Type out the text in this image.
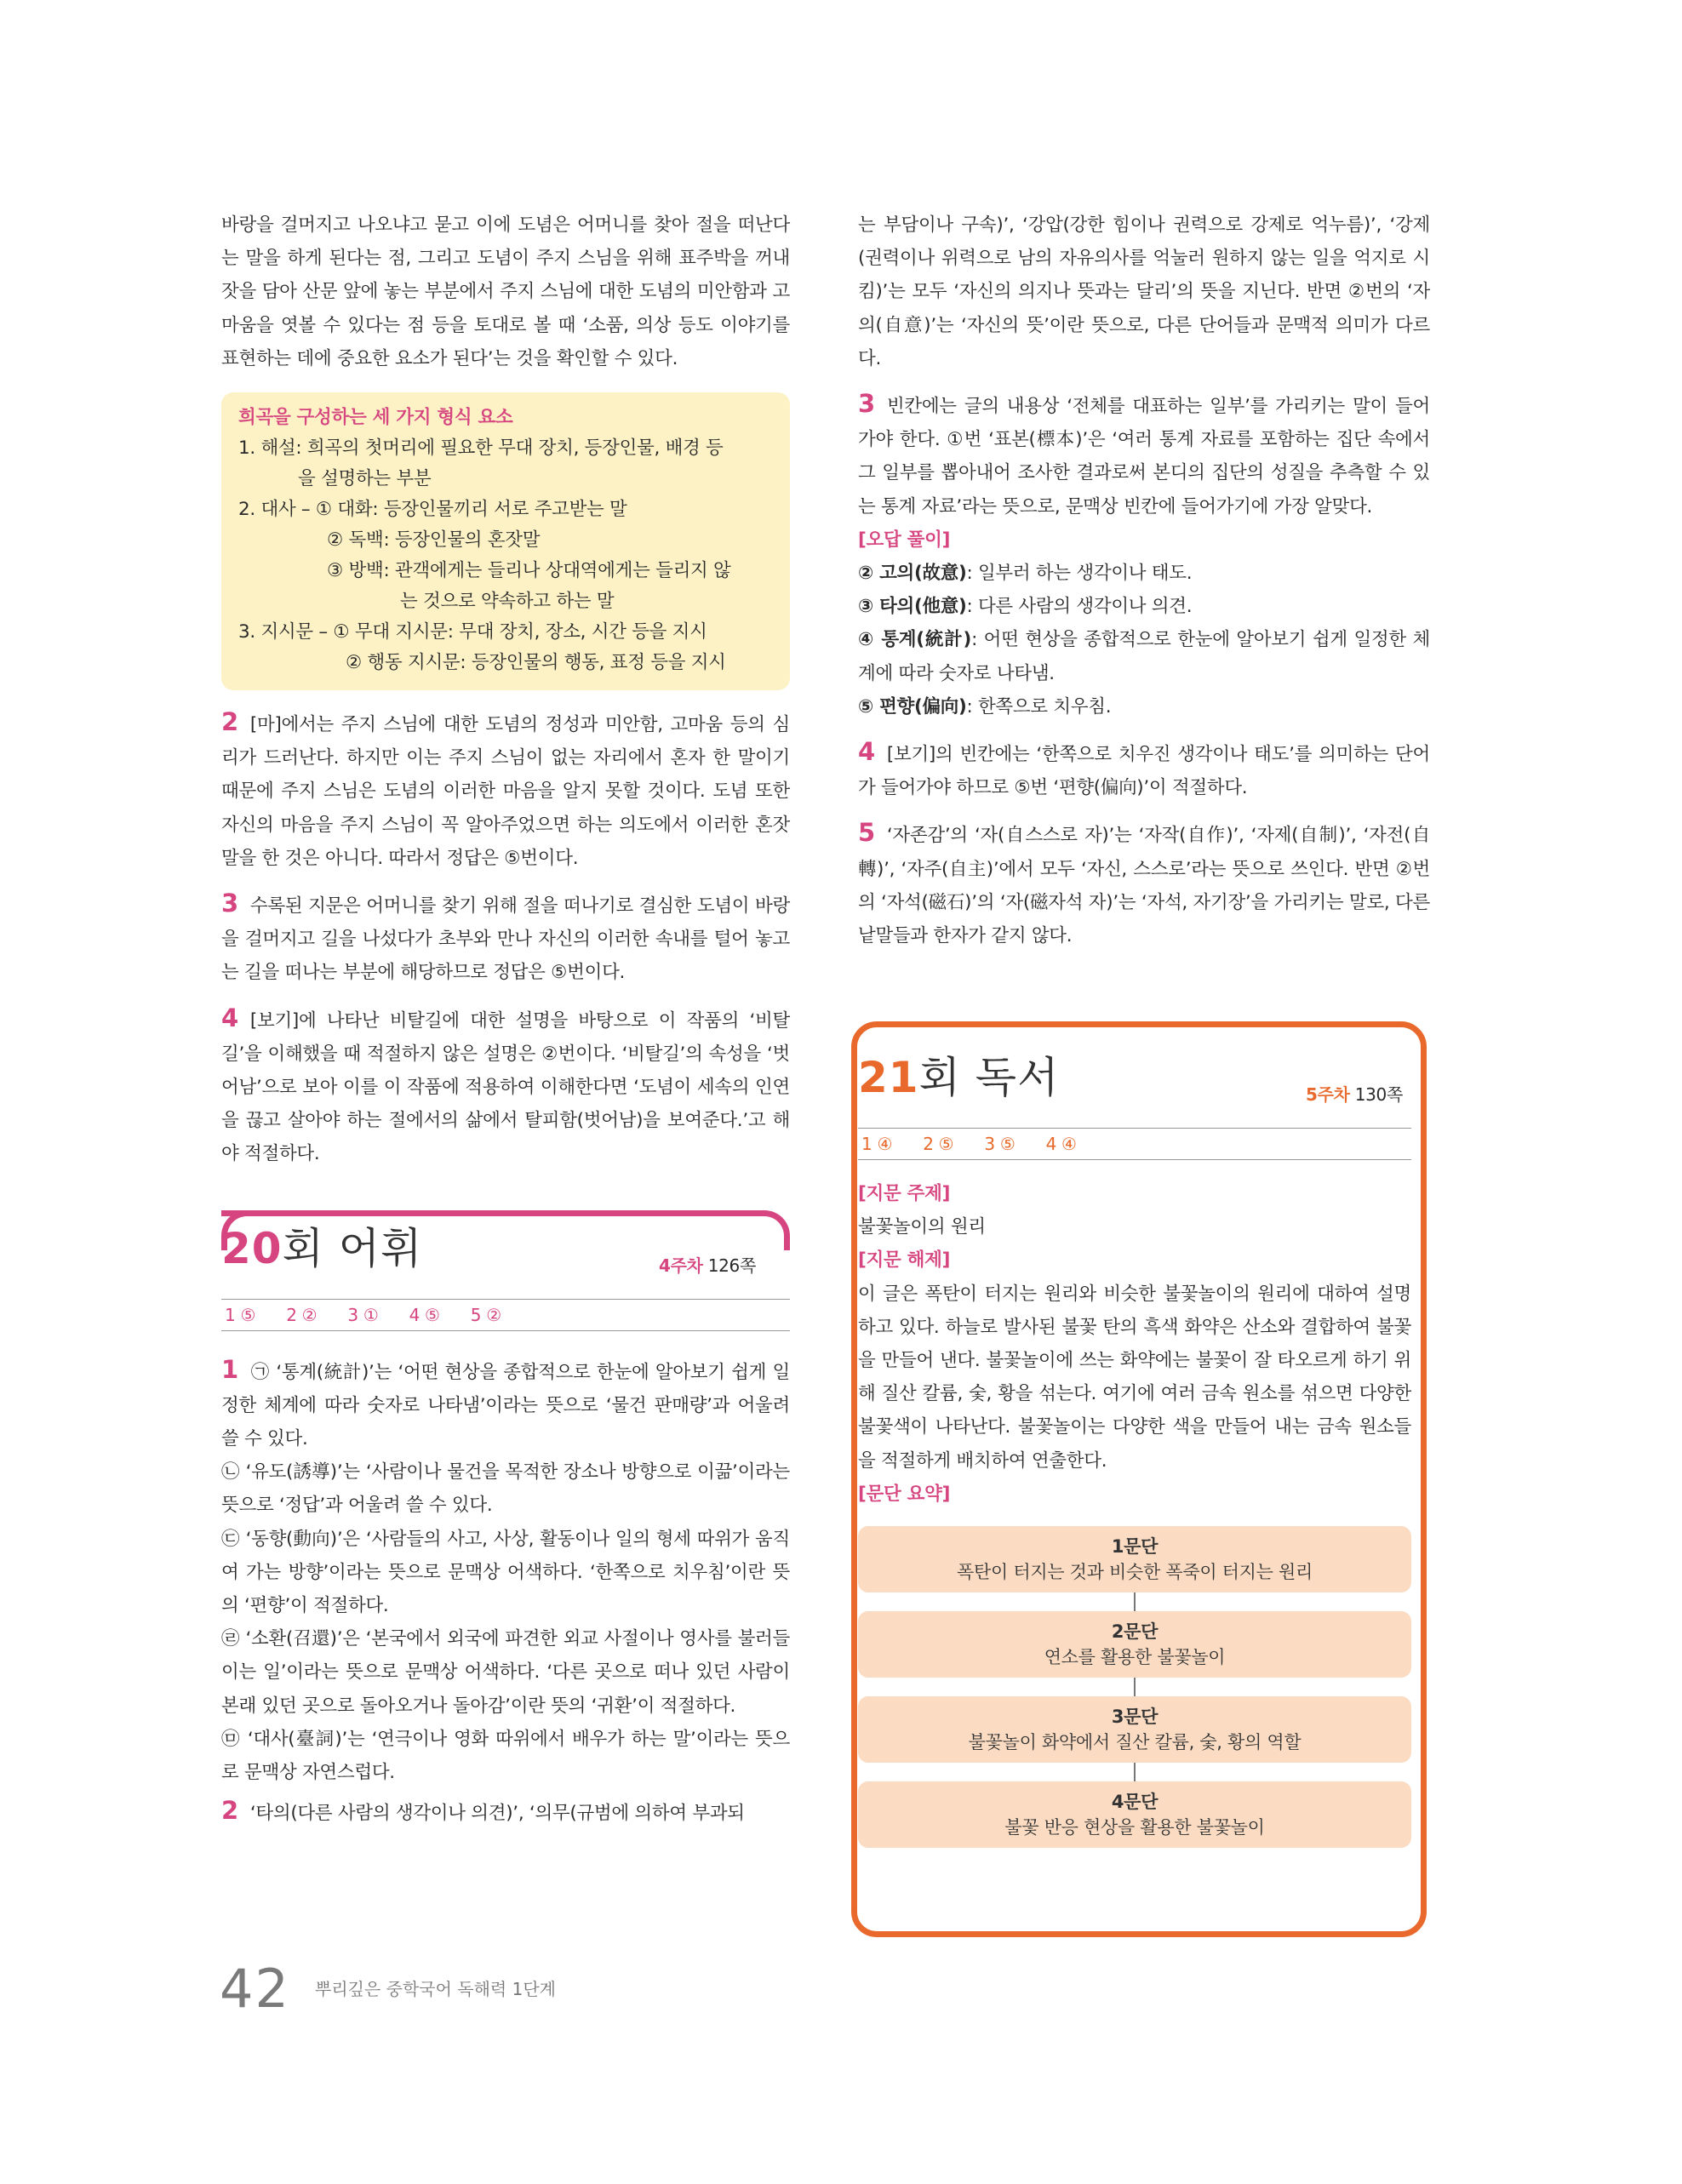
바랑을 걸머지고 나오냐고 묻고 이에 도념은 어머니를 찾아 절을 떠난다는 말을 하게 된다는 점, 그리고 도념이 주지 스님을 위해 표주박을 꺼내 잣을 담아 산문 앞에 놓는 부분에서 주지 스님에 대한 도념의 미안함과 고마움을 엿볼 수 있다는 점 등을 토대로 볼 때 ‘소품, 의상 등도 이야기를 표현하는 데에 중요한 요소가 된다’는 것을 확인할 수 있다.

희곡을 구성하는 세 가지 형식 요소
1. 해설: 희곡의 첫머리에 필요한 무대 장치, 등장인물, 배경 등
을 설명하는 부분
2. 대사 – ① 대화: 등장인물끼리 서로 주고받는 말
② 독백: 등장인물의 혼잣말
③ 방백: 관객에게는 들리나 상대역에게는 들리지 않
는 것으로 약속하고 하는 말
3. 지시문 – ① 무대 지시문: 무대 장치, 장소, 시간 등을 지시
② 행동 지시문: 등장인물의 행동, 표정 등을 지시

2 [마]에서는 주지 스님에 대한 도념의 정성과 미안함, 고마움 등의 심리가 드러난다. 하지만 이는 주지 스님이 없는 자리에서 혼자 한 말이기 때문에 주지 스님은 도념의 이러한 마음을 알지 못할 것이다. 도념 또한 자신의 마음을 주지 스님이 꼭 알아주었으면 하는 의도에서 이러한 혼잣말을 한 것은 아니다. 따라서 정답은 ⑤번이다.

3 수록된 지문은 어머니를 찾기 위해 절을 떠나기로 결심한 도념이 바랑을 걸머지고 길을 나섰다가 초부와 만나 자신의 이러한 속내를 털어 놓고는 길을 떠나는 부분에 해당하므로 정답은 ⑤번이다.

4 [보기]에 나타난 비탈길에 대한 설명을 바탕으로 이 작품의 ‘비탈길’을 이해했을 때 적절하지 않은 설명은 ②번이다. ‘비탈길’의 속성을 ‘벗어남’으로 보아 이를 이 작품에 적용하여 이해한다면 ‘도념이 세속의 인연을 끊고 살아야 하는 절에서의 삶에서 탈피함(벗어남)을 보여준다.’고 해야 적절하다.

20회 어휘	4주차 126쪽
1 ⑤ 2 ② 3 ① 4 ⑤ 5 ②

1 ㉠ ‘통계(統計)’는 ‘어떤 현상을 종합적으로 한눈에 알아보기 쉽게 일정한 체계에 따라 숫자로 나타냄’이라는 뜻으로 ‘물건 판매량’과 어울려 쓸 수 있다.

㉡ ‘유도(誘導)’는 ‘사람이나 물건을 목적한 장소나 방향으로 이끎’이라는 뜻으로 ‘정답’과 어울려 쓸 수 있다.

㉢ ‘동향(動向)’은 ‘사람들의 사고, 사상, 활동이나 일의 형세 따위가 움직여 가는 방향’이라는 뜻으로 문맥상 어색하다. ‘한쪽으로 치우침’이란 뜻의 ‘편향’이 적절하다.

㉣ ‘소환(召還)’은 ‘본국에서 외국에 파견한 외교 사절이나 영사를 불러들이는 일’이라는 뜻으로 문맥상 어색하다. ‘다른 곳으로 떠나 있던 사람이 본래 있던 곳으로 돌아오거나 돌아감’이란 뜻의 ‘귀환’이 적절하다.

㉤ ‘대사(臺詞)’는 ‘연극이나 영화 따위에서 배우가 하는 말’이라는 뜻으로 문맥상 자연스럽다.

2 ‘타의(다른 사람의 생각이나 의견)’, ‘의무(규범에 의하여 부과되

는 부담이나 구속)’, ‘강압(강한 힘이나 권력으로 강제로 억누름)’, ‘강제(권력이나 위력으로 남의 자유의사를 억눌러 원하지 않는 일을 억지로 시킴)’는 모두 ‘자신의 의지나 뜻과는 달리’의 뜻을 지닌다. 반면 ②번의 ‘자의(自意)’는 ‘자신의 뜻’이란 뜻으로, 다른 단어들과 문맥적 의미가 다르다.

3 빈칸에는 글의 내용상 ‘전체를 대표하는 일부’를 가리키는 말이 들어가야 한다. ①번 ‘표본(標本)’은 ‘여러 통계 자료를 포함하는 집단 속에서 그 일부를 뽑아내어 조사한 결과로써 본디의 집단의 성질을 추측할 수 있는 통계 자료’라는 뜻으로, 문맥상 빈칸에 들어가기에 가장 알맞다.

[오답 풀이]

② 고의(故意): 일부러 하는 생각이나 태도.

③ 타의(他意): 다른 사람의 생각이나 의견.

④ 통계(統計): 어떤 현상을 종합적으로 한눈에 알아보기 쉽게 일정한 체계에 따라 숫자로 나타냄.

⑤ 편향(偏向): 한쪽으로 치우침.

4 [보기]의 빈칸에는 ‘한쪽으로 치우진 생각이나 태도’를 의미하는 단어가 들어가야 하므로 ⑤번 ‘편향(偏向)’이 적절하다.

5 ‘자존감’의 ‘자(自스스로 자)’는 ‘자작(自作)’, ‘자제(自制)’, ‘자전(自轉)’, ‘자주(自主)’에서 모두 ‘자신, 스스로’라는 뜻으로 쓰인다. 반면 ②번의 ‘자석(磁石)’의 ‘자(磁자석 자)’는 ‘자석, 자기장’을 가리키는 말로, 다른 낱말들과 한자가 같지 않다.

21회 독서	5주차 130쪽
1 ④ 2 ⑤ 3 ⑤ 4 ④
[지문 주제]

불꽃놀이의 원리

[지문 해제]

이 글은 폭탄이 터지는 원리와 비슷한 불꽃놀이의 원리에 대하여 설명하고 있다. 하늘로 발사된 불꽃 탄의 흑색 화약은 산소와 결합하여 불꽃을 만들어 낸다. 불꽃놀이에 쓰는 화약에는 불꽃이 잘 타오르게 하기 위해 질산 칼륨, 숯, 황을 섞는다. 여기에 여러 금속 원소를 섞으면 다양한 불꽃색이 나타난다. 불꽃놀이는 다양한 색을 만들어 내는 금속 원소들을 적절하게 배치하여 연출한다.

[문단 요약]
1문단
폭탄이 터지는 것과 비슷한 폭죽이 터지는 원리
2문단
연소를 활용한 불꽃놀이
3문단
불꽃놀이 화약에서 질산 칼륨, 숯, 황의 역할
4문단
불꽃 반응 현상을 활용한 불꽃놀이
42 뿌리깊은 중학국어 독해력 1단계
